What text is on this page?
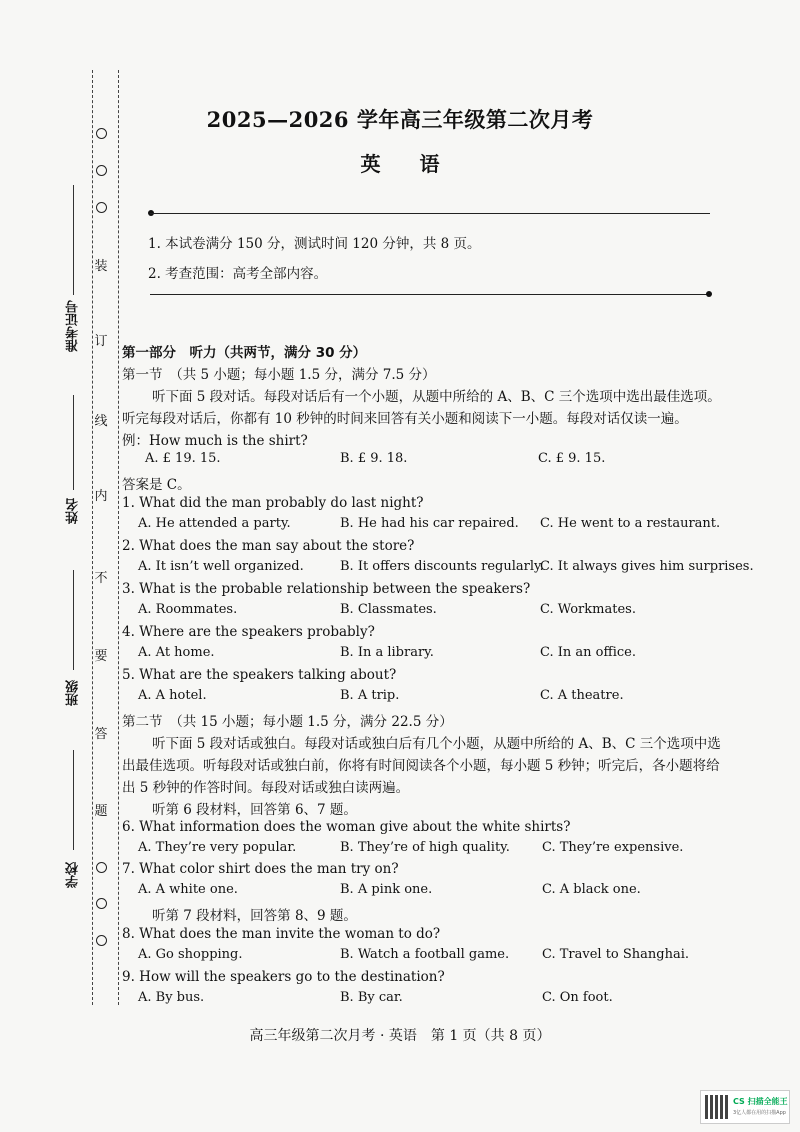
装
订
线
内
不
要
答
题
准考证号
姓名
班级
学校
2025—2026 学年高三年级第二次月考
英 语
1. 本试卷满分 150 分，测试时间 120 分钟，共 8 页。
2. 考查范围：高考全部内容。
第一部分　听力（共两节，满分 30 分）
第一节　（共 5 小题；每小题 1.5 分，满分 7.5 分）
听下面 5 段对话。每段对话后有一个小题，从题中所给的 A、B、C 三个选项中选出最佳选项。
听完每段对话后，你都有 10 秒钟的时间来回答有关小题和阅读下一小题。每段对话仅读一遍。
例：How much is the shirt?
A. £ 19. 15.	B. £ 9. 18.	C. £ 9. 15.
答案是 C。
1. What did the man probably do last night?
A. He attended a party.	B. He had his car repaired. C. He went to a restaurant.
2. What does the man say about the store?
A. It isn’t well organized.	B. It offers discounts regularly.
C. It always gives him surprises.
3. What is the probable relationship between the speakers?
A. Roommates.	B. Classmates.	C. Workmates.
4. Where are the speakers probably?
A. At home.	B. In a library.	C. In an office.
5. What are the speakers talking about?
A. A hotel.	B. A trip.	C. A theatre.
第二节　（共 15 小题；每小题 1.5 分，满分 22.5 分）
听下面 5 段对话或独白。每段对话或独白后有几个小题，从题中所给的 A、B、C 三个选项中选
出最佳选项。听每段对话或独白前，你将有时间阅读各个小题，每小题 5 秒钟；听完后，各小题将给
出 5 秒钟的作答时间。每段对话或独白读两遍。
听第 6 段材料，回答第 6、7 题。
6. What information does the woman give about the white shirts?
A. They’re very popular.	B. They’re of high quality. C. They’re expensive.
7. What color shirt does the man try on?
A. A white one.	B. A pink one.	C. A black one.
听第 7 段材料，回答第 8、9 题。
8. What does the man invite the woman to do?
A. Go shopping.	B. Watch a football game.	C. Travel to Shanghai.
9. How will the speakers go to the destination?
A. By bus.	B. By car.	C. On foot.
高三年级第二次月考 · 英语　第 1 页（共 8 页）
CS 扫描全能王
3亿人都在用的扫描App
